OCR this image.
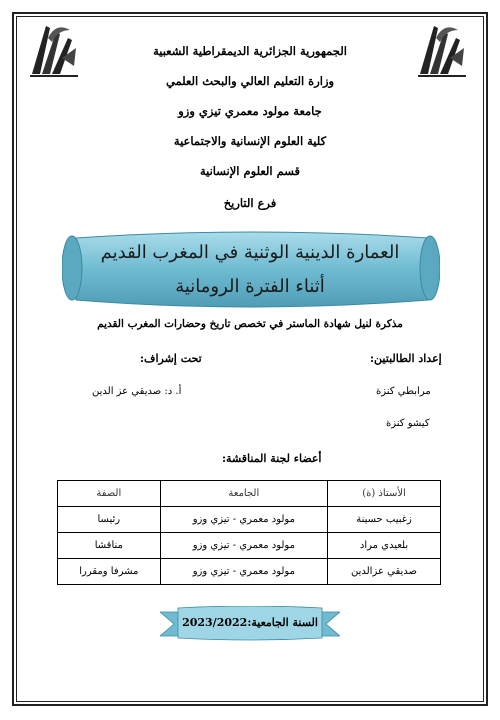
الجمهورية الجزائرية الديمقراطية الشعبية
وزارة التعليم العالي والبحث العلمي
جامعة مولود معمري تيزي وزو
كلية العلوم الإنسانية والاجتماعية
قسم العلوم الإنسانية
فرع التاريخ
العمارة الدينية الوثنية في المغرب القديم أثناء الفترة الرومانية
مذكرة لنيل شهادة الماستر في تخصص تاريخ وحضارات المغرب القديم
إعداد الطالبتين:
تحت إشراف:
مرابطي كنزة
أ. د: صديقي عز الدين
كيشو كنزة
أعضاء لجنة المناقشة:
الأستاذ (ة)	الجامعة	الصفة
زغبيب حسينة	مولود معمري - تيزي وزو	رئيسا
بلعيدي مراد	مولود معمري - تيزي وزو	مناقشا
صديقي عزالدين	مولود معمري - تيزي وزو	مشرفا ومقررا
السنة الجامعية:2023/2022
